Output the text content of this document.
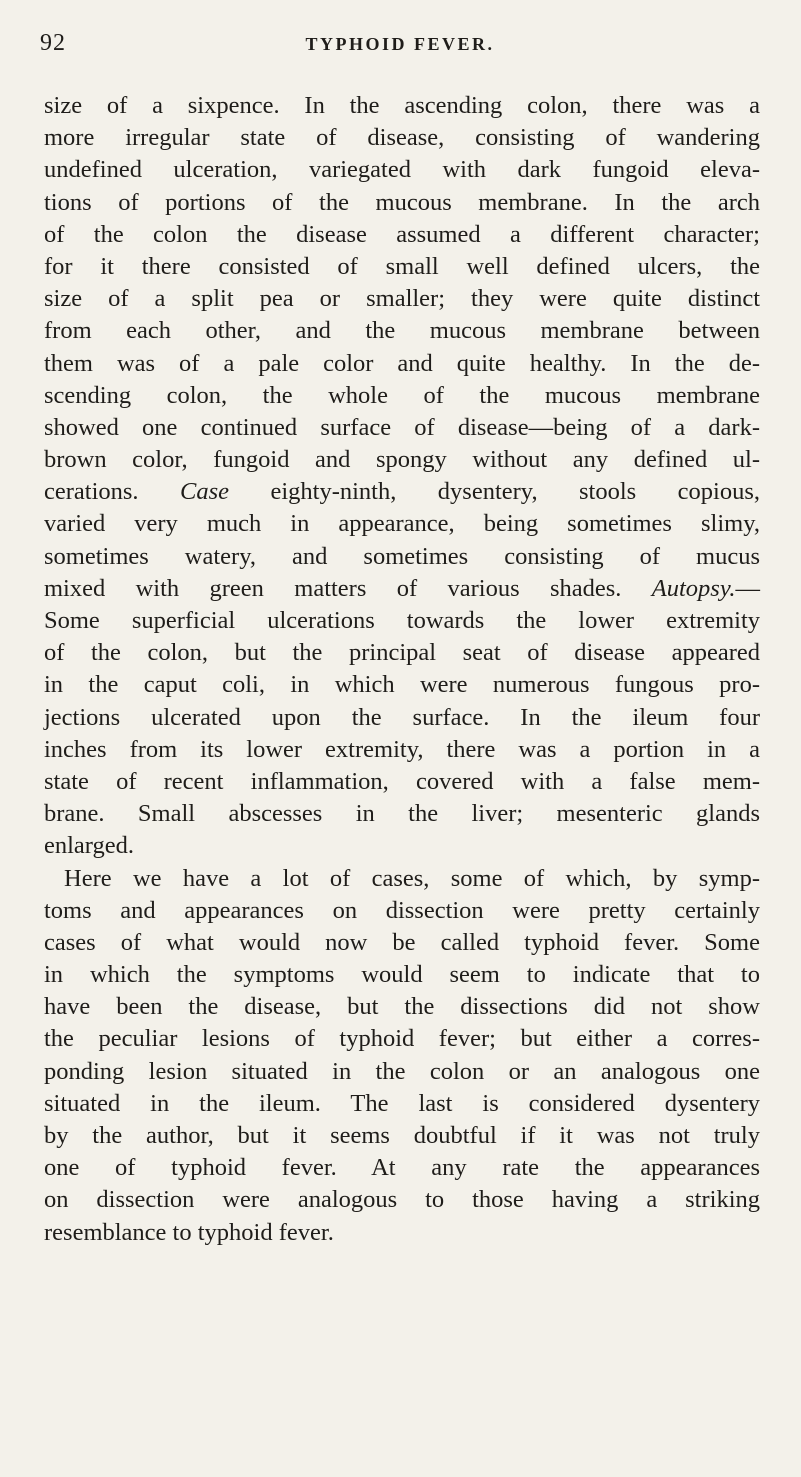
92	TYPHOID FEVER.
size of a sixpence. In the ascending colon, there was a
more irregular state of disease, consisting of wandering
undefined ulceration, variegated with dark fungoid eleva-
tions of portions of the mucous membrane. In the arch
of the colon the disease assumed a different character;
for it there consisted of small well defined ulcers, the
size of a split pea or smaller; they were quite distinct
from each other, and the mucous membrane between
them was of a pale color and quite healthy. In the de-
scending colon, the whole of the mucous membrane
showed one continued surface of disease—being of a dark-
brown color, fungoid and spongy without any defined ul-
cerations. Case eighty-ninth, dysentery, stools copious,
varied very much in appearance, being sometimes slimy,
sometimes watery, and sometimes consisting of mucus
mixed with green matters of various shades. Autopsy.—
Some superficial ulcerations towards the lower extremity
of the colon, but the principal seat of disease appeared
in the caput coli, in which were numerous fungous pro-
jections ulcerated upon the surface. In the ileum four
inches from its lower extremity, there was a portion in a
state of recent inflammation, covered with a false mem-
brane. Small abscesses in the liver; mesenteric glands
enlarged.
Here we have a lot of cases, some of which, by symp-
toms and appearances on dissection were pretty certainly
cases of what would now be called typhoid fever. Some
in which the symptoms would seem to indicate that to
have been the disease, but the dissections did not show
the peculiar lesions of typhoid fever; but either a corres-
ponding lesion situated in the colon or an analogous one
situated in the ileum. The last is considered dysentery
by the author, but it seems doubtful if it was not truly
one of typhoid fever. At any rate the appearances
on dissection were analogous to those having a striking
resemblance to typhoid fever.
